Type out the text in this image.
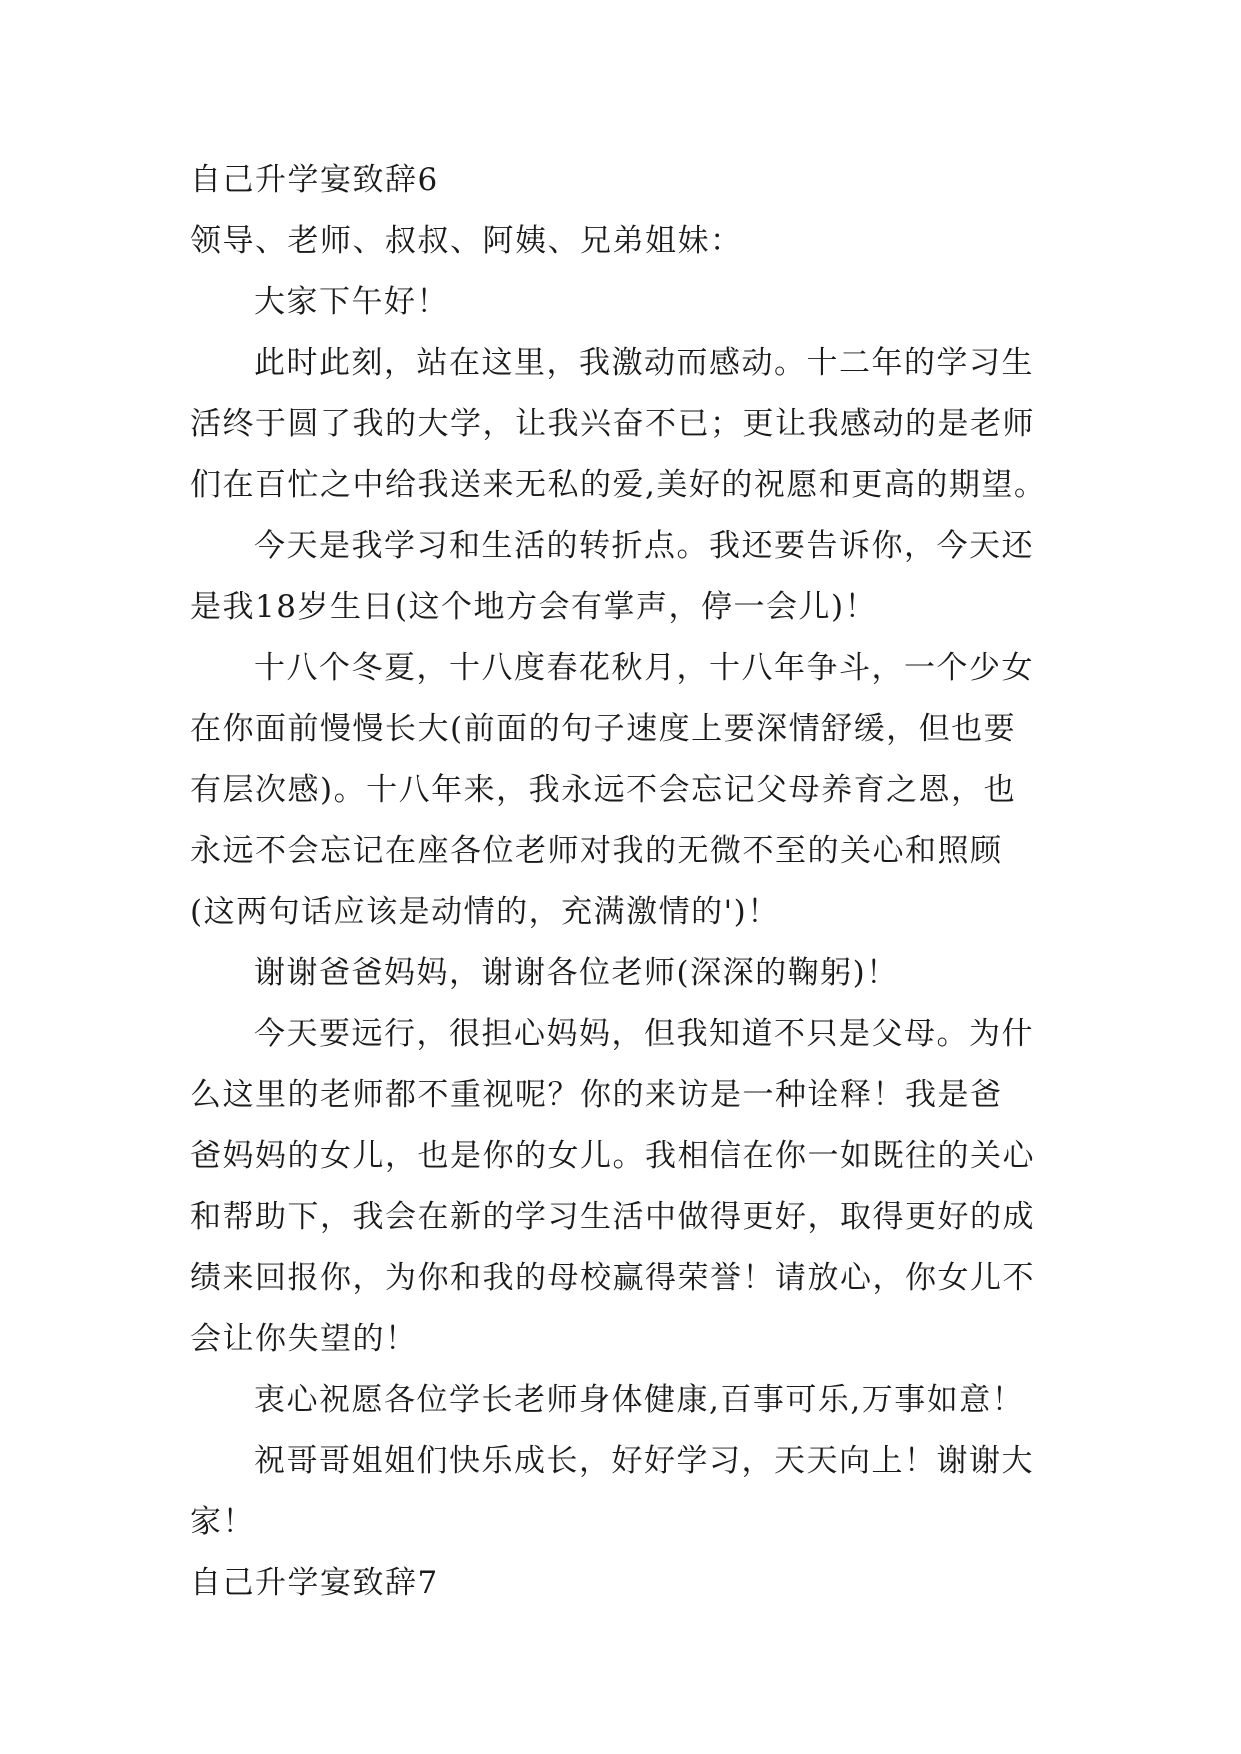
自己升学宴致辞6
领导、老师、叔叔、阿姨、兄弟姐妹：
大家下午好！
此时此刻，站在这里，我激动而感动。十二年的学习生
活终于圆了我的大学，让我兴奋不已；更让我感动的是老师
们在百忙之中给我送来无私的爱,美好的祝愿和更高的期望。
今天是我学习和生活的转折点。我还要告诉你，今天还
是我18岁生日(这个地方会有掌声，停一会儿)！
十八个冬夏，十八度春花秋月，十八年争斗，一个少女
在你面前慢慢长大(前面的句子速度上要深情舒缓，但也要
有层次感)。十八年来，我永远不会忘记父母养育之恩，也
永远不会忘记在座各位老师对我的无微不至的关心和照顾
(这两句话应该是动情的，充满激情的')！
谢谢爸爸妈妈，谢谢各位老师(深深的鞠躬)！
今天要远行，很担心妈妈，但我知道不只是父母。为什
么这里的老师都不重视呢？你的来访是一种诠释！我是爸
爸妈妈的女儿，也是你的女儿。我相信在你一如既往的关心
和帮助下，我会在新的学习生活中做得更好，取得更好的成
绩来回报你，为你和我的母校赢得荣誉！请放心，你女儿不
会让你失望的！
衷心祝愿各位学长老师身体健康,百事可乐,万事如意！
祝哥哥姐姐们快乐成长，好好学习，天天向上！谢谢大
家！
自己升学宴致辞7
